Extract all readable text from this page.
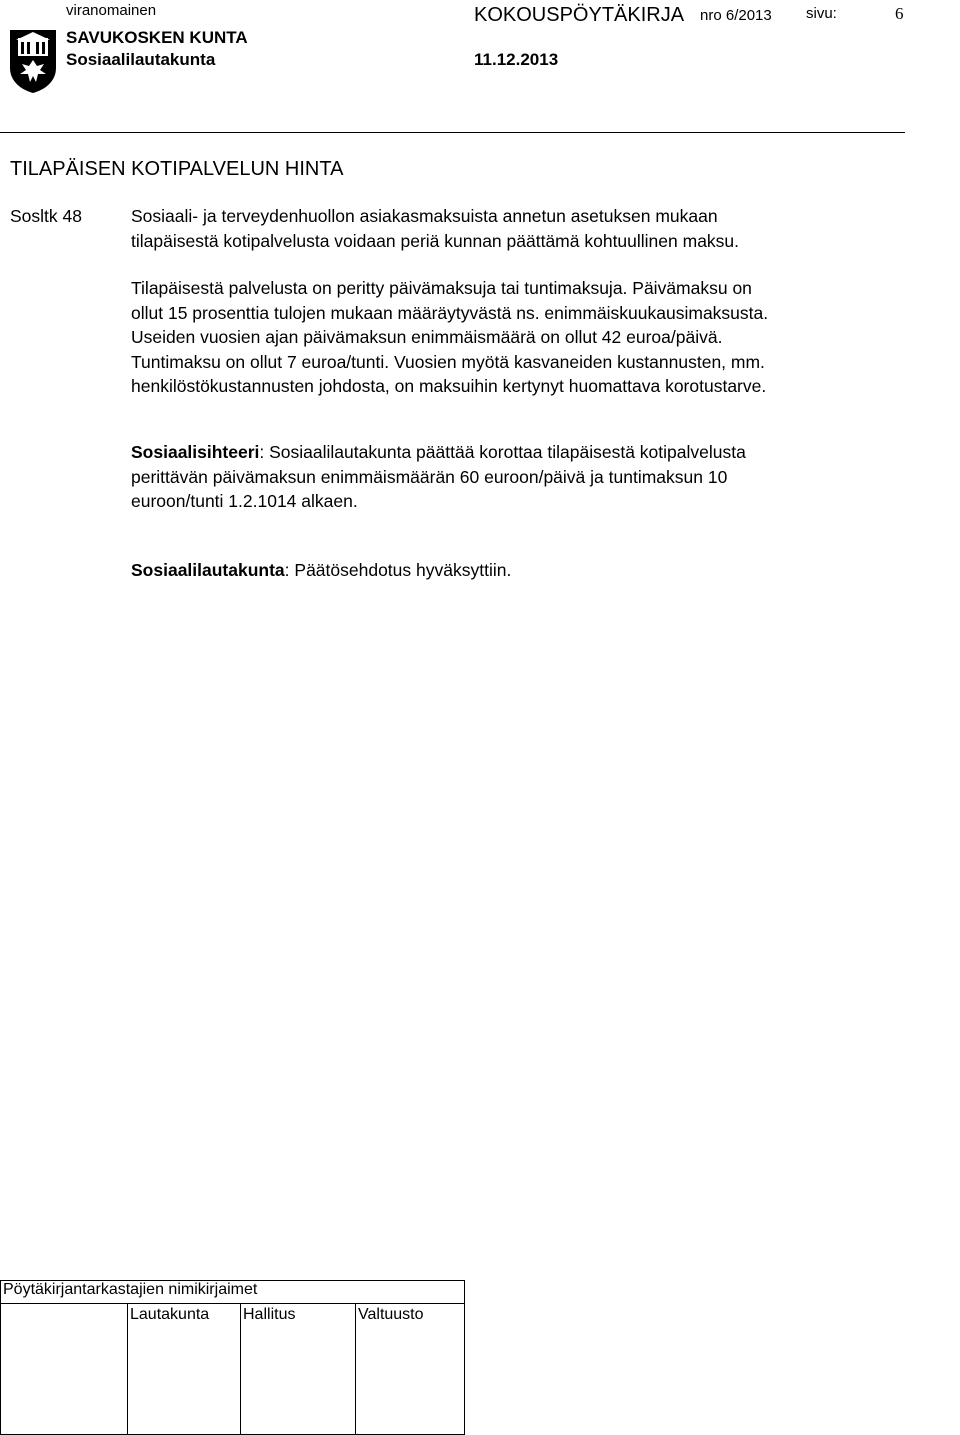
viranomainen	KOKOUSPÖYTÄKIRJA nro 6/2013 sivu:	6
SAVUKOSKEN KUNTA
Sosiaalilautakunta	11.12.2013
TILAPÄISEN KOTIPALVELUN HINTA
Sosltk 48	Sosiaali- ja terveydenhuollon asiakasmaksuista annetun asetuksen mukaan
tilapäisestä kotipalvelusta voidaan periä kunnan päättämä kohtuullinen maksu.
Tilapäisestä palvelusta on peritty päivämaksuja tai tuntimaksuja. Päivämaksu on
ollut 15 prosenttia tulojen mukaan määräytyvästä ns. enimmäiskuukausimaksusta.
Useiden vuosien ajan päivämaksun enimmäismäärä on ollut 42 euroa/päivä.
Tuntimaksu on ollut 7 euroa/tunti. Vuosien myötä kasvaneiden kustannusten, mm.
henkilöstökustannusten johdosta, on maksuihin kertynyt huomattava korotustarve.
Sosiaalisihteeri: Sosiaalilautakunta päättää korottaa tilapäisestä kotipalvelusta
perittävän päivämaksun enimmäismäärän 60 euroon/päivä ja tuntimaksun 10
euroon/tunti 1.2.1014 alkaen.
Sosiaalilautakunta: Päätösehdotus hyväksyttiin.
Pöytäkirjantarkastajien nimikirjaimet
	Lautakunta	Hallitus	Valtuusto
